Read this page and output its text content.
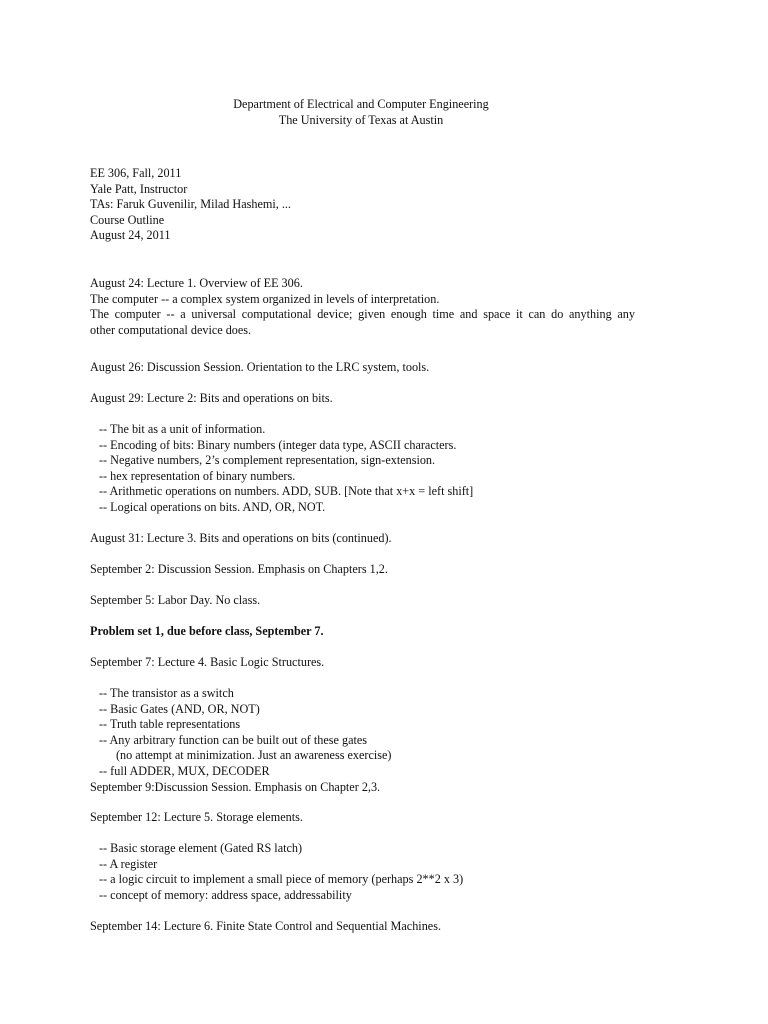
Department of Electrical and Computer Engineering
The University of Texas at Austin
EE 306, Fall, 2011
Yale Patt, Instructor
TAs: Faruk Guvenilir, Milad Hashemi, ...
Course Outline
August 24, 2011
August 24: Lecture 1. Overview of EE 306.
The computer -- a complex system organized in levels of interpretation.
The computer -- a universal computational device; given enough time and space it can do anything any
other computational device does.
August 26: Discussion Session. Orientation to the LRC system, tools.
August 29: Lecture 2: Bits and operations on bits.
-- The bit as a unit of information.
-- Encoding of bits: Binary numbers (integer data type, ASCII characters.
-- Negative numbers, 2’s complement representation, sign-extension.
-- hex representation of binary numbers.
-- Arithmetic operations on numbers. ADD, SUB. [Note that x+x = left shift]
-- Logical operations on bits. AND, OR, NOT.
August 31: Lecture 3. Bits and operations on bits (continued).
September 2: Discussion Session. Emphasis on Chapters 1,2.
September 5: Labor Day. No class.
Problem set 1, due before class, September 7.
September 7: Lecture 4. Basic Logic Structures.
-- The transistor as a switch
-- Basic Gates (AND, OR, NOT)
-- Truth table representations
-- Any arbitrary function can be built out of these gates
(no attempt at minimization. Just an awareness exercise)
-- full ADDER, MUX, DECODER
September 9:Discussion Session. Emphasis on Chapter 2,3.
September 12: Lecture 5. Storage elements.
-- Basic storage element (Gated RS latch)
-- A register
-- a logic circuit to implement a small piece of memory (perhaps 2**2 x 3)
-- concept of memory: address space, addressability
September 14: Lecture 6. Finite State Control and Sequential Machines.
